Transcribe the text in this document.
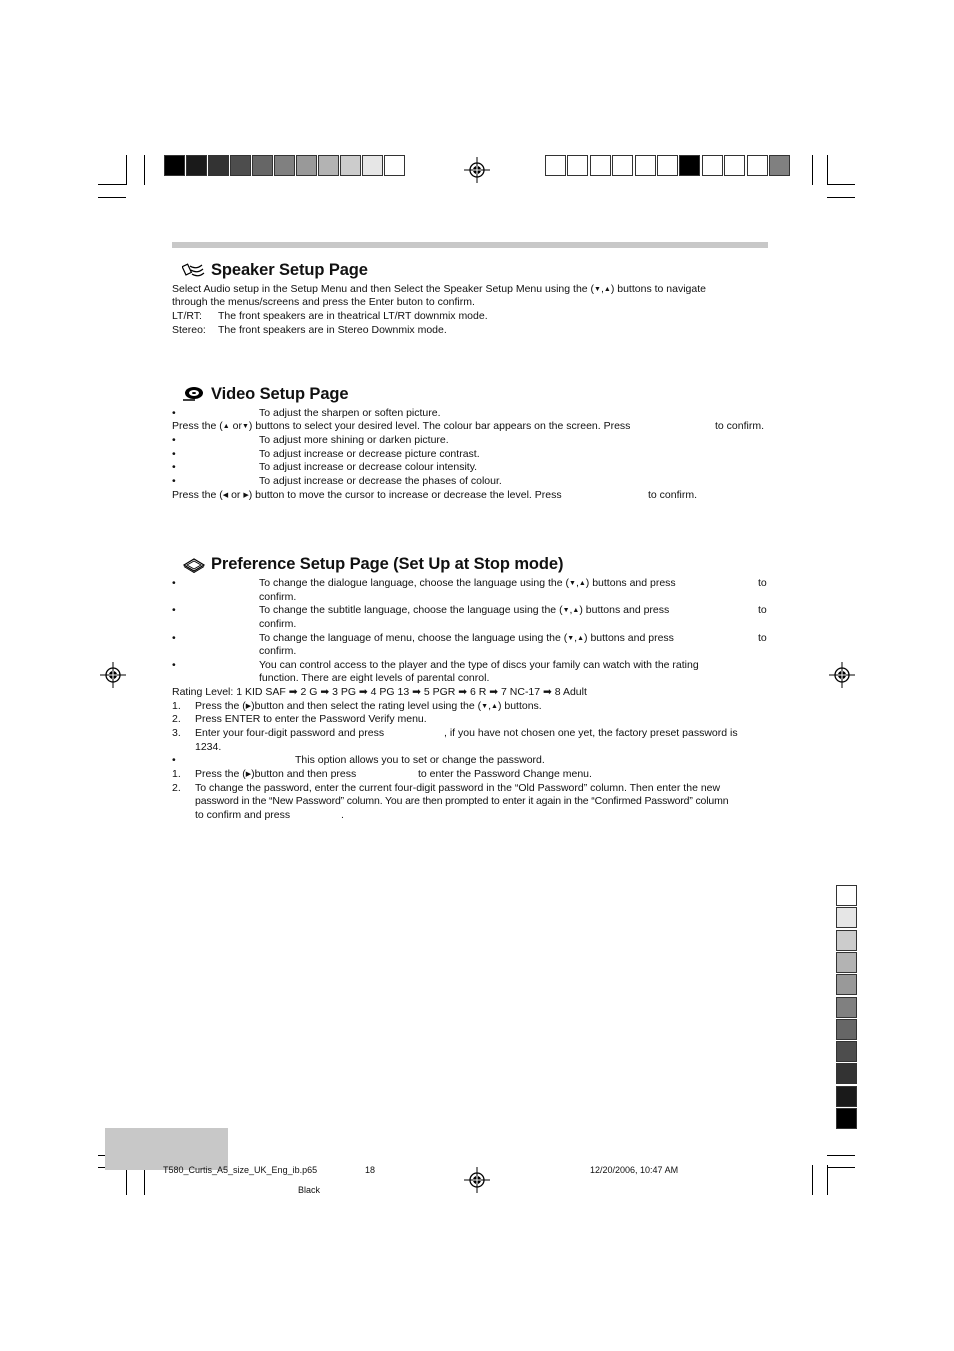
Speaker Setup Page
Select Audio setup in the Setup Menu and then Select the Speaker Setup Menu using the (▼,▲) buttons to navigate
through the menus/screens and press the Enter buton to confirm.
LT/RT: The front speakers are in theatrical LT/RT downmix mode.
Stereo: The front speakers are in Stereo Downmix mode.
Video Setup Page
•	To adjust the sharpen or soften picture.
Press the (▲ or▼) buttons to select your desired level. The colour bar appears on the screen. Press	to confirm.
•	To adjust more shining or darken picture.
•	To adjust increase or decrease picture contrast.
•	To adjust increase or decrease colour intensity.
•	To adjust increase or decrease the phases of colour.
Press the (◀ or ▶) button to move the cursor to increase or decrease the level. Press	to confirm.
Preference Setup Page (Set Up at Stop mode)
•	To change the dialogue language, choose the language using the (▼,▲) buttons and press	to
confirm.
•	To change the subtitle language, choose the language using the (▼,▲) buttons and press	to
confirm.
•	To change the language of menu, choose the language using the (▼,▲) buttons and press	to
confirm.
•	You can control access to the player and the type of discs your family can watch with the rating
function. There are eight levels of parental conrol.
Rating Level: 1 KID SAF ➡ 2 G ➡ 3 PG ➡ 4 PG 13 ➡ 5 PGR ➡ 6 R ➡ 7 NC-17 ➡ 8 Adult
1. Press the (▶)button and then select the rating level using the (▼,▲) buttons.
2. Press ENTER to enter the Password Verify menu.
3. Enter your four-digit password and press	, if you have not chosen one yet, the factory preset password is
1234.
•	This option allows you to set or change the password.
1. Press the (▶)button and then press	to enter the Password Change menu.
2. To change the password, enter the current four-digit password in the “Old Password” column. Then enter the new
password in the “New Password” column. You are then prompted to enter it again in the “Confirmed Password” column
to confirm and press	.
T580_Curtis_A5_size_UK_Eng_ib.p65	18	12/20/2006, 10:47 AM
Black
